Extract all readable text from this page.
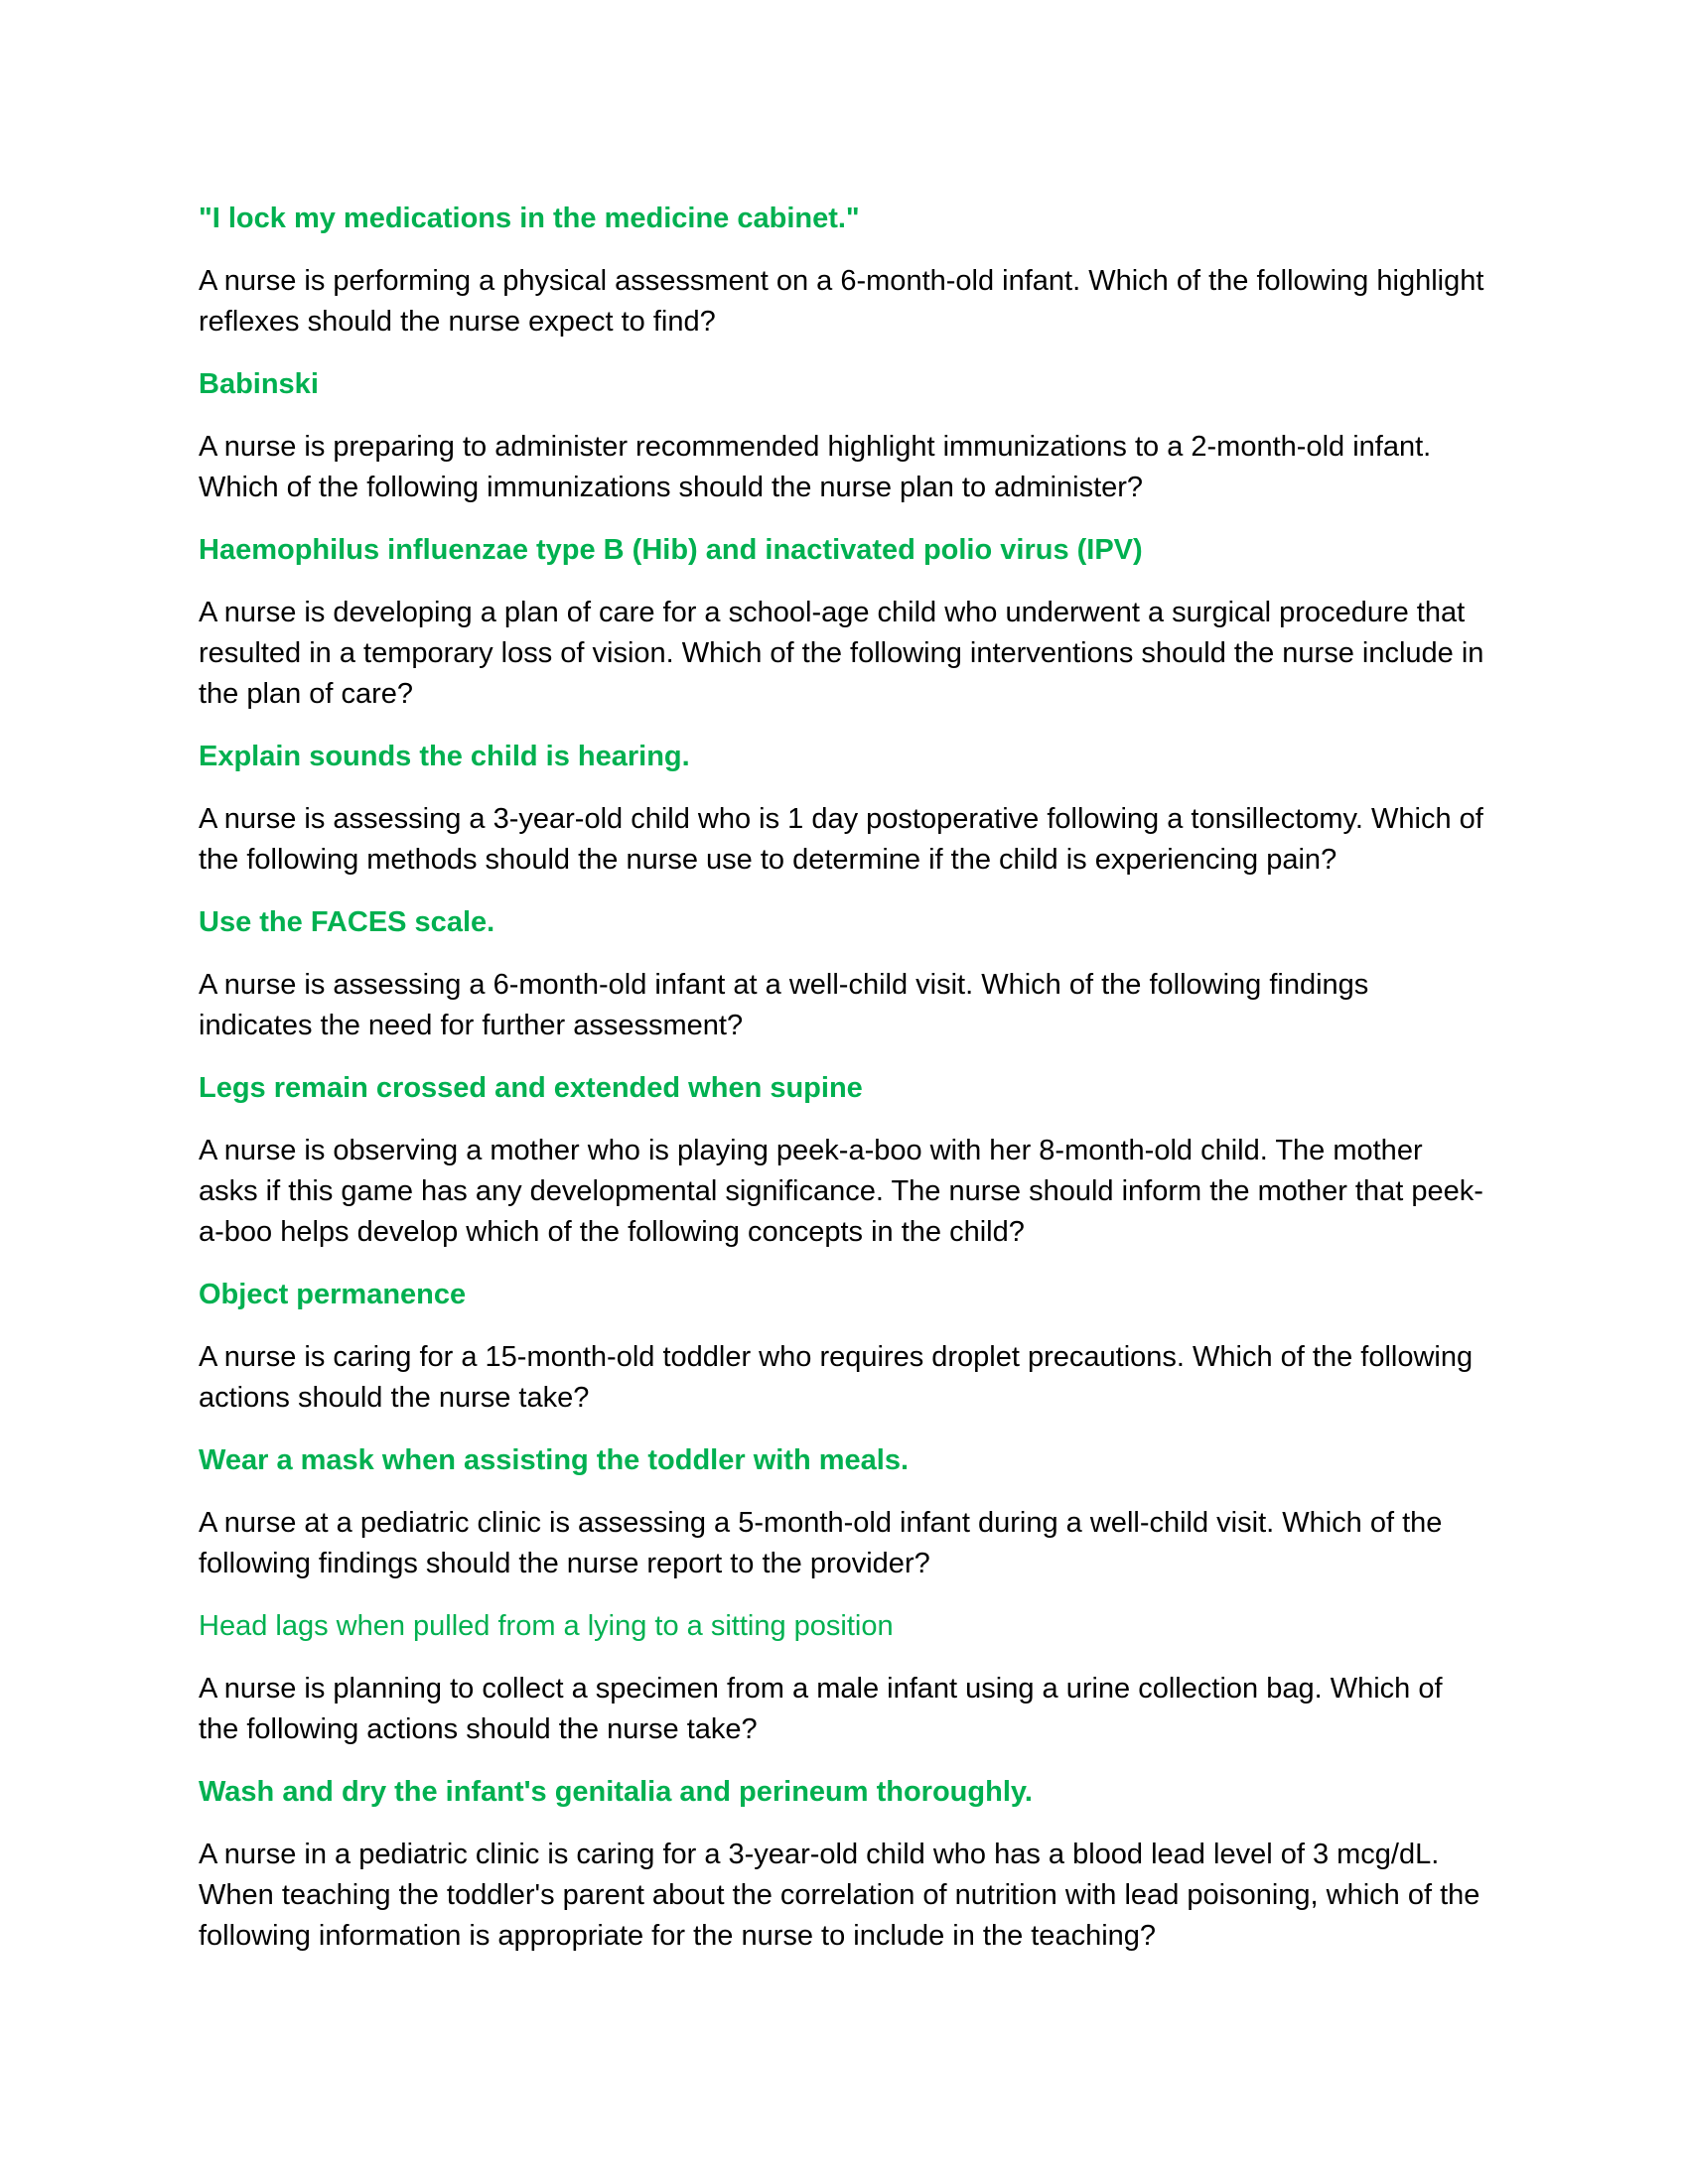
"I lock my medications in the medicine cabinet."

A nurse is performing a physical assessment on a 6-month-old infant. Which of the following highlight reflexes should the nurse expect to find?

Babinski

A nurse is preparing to administer recommended highlight immunizations to a 2-month-old infant. Which of the following immunizations should the nurse plan to administer?

Haemophilus influenzae type B (Hib) and inactivated polio virus (IPV)

A nurse is developing a plan of care for a school-age child who underwent a surgical procedure that resulted in a temporary loss of vision. Which of the following interventions should the nurse include in the plan of care?

Explain sounds the child is hearing.

A nurse is assessing a 3-year-old child who is 1 day postoperative following a tonsillectomy. Which of the following methods should the nurse use to determine if the child is experiencing pain?

Use the FACES scale.

A nurse is assessing a 6-month-old infant at a well-child visit. Which of the following findings indicates the need for further assessment?

Legs remain crossed and extended when supine

A nurse is observing a mother who is playing peek-a-boo with her 8-month-old child. The mother asks if this game has any developmental significance. The nurse should inform the mother that peek-a-boo helps develop which of the following concepts in the child?

Object permanence

A nurse is caring for a 15-month-old toddler who requires droplet precautions. Which of the following actions should the nurse take?

Wear a mask when assisting the toddler with meals.

A nurse at a pediatric clinic is assessing a 5-month-old infant during a well-child visit. Which of the following findings should the nurse report to the provider?

Head lags when pulled from a lying to a sitting position

A nurse is planning to collect a specimen from a male infant using a urine collection bag. Which of the following actions should the nurse take?

Wash and dry the infant's genitalia and perineum thoroughly.

A nurse in a pediatric clinic is caring for a 3-year-old child who has a blood lead level of 3 mcg/dL. When teaching the toddler's parent about the correlation of nutrition with lead poisoning, which of the following information is appropriate for the nurse to include in the teaching?
